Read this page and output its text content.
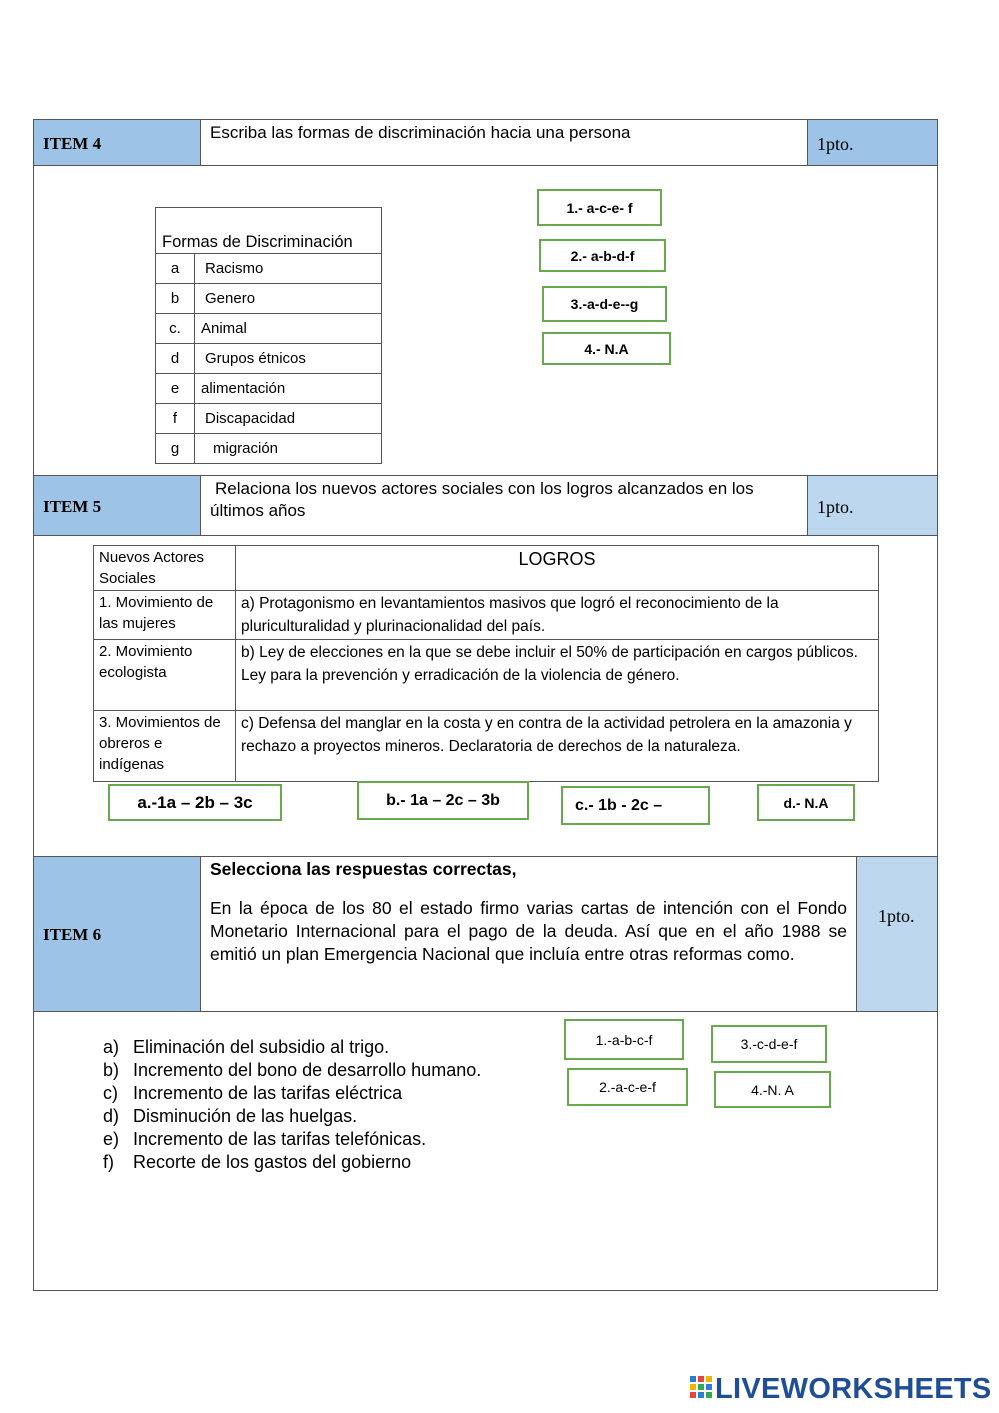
ITEM 4
Escriba las formas de discriminación hacia una persona
1pto.
Formas de Discriminación
a	Racismo
b	Genero
c.	Animal
d	Grupos étnicos
e	alimentación
f	Discapacidad
g	migración
1.- a-c-e- f
2.- a-b-d-f
3.-a-d-e--g
4.- N.A
ITEM 5
Relaciona los nuevos actores sociales con los logros alcanzados en los últimos años	1pto.
Nuevos Actores Sociales	LOGROS
1. Movimiento de las mujeres	a) Protagonismo en levantamientos masivos que logró el reconocimiento de la pluriculturalidad y plurinacionalidad del país.
2. Movimiento ecologista	b) Ley de elecciones en la que se debe incluir el 50% de participación en cargos públicos. Ley para la prevención y erradicación de la violencia de género.
3. Movimientos de obreros e indígenas	c) Defensa del manglar en la costa y en contra de la actividad petrolera en la amazonia y rechazo a proyectos mineros. Declaratoria de derechos de la naturaleza.
a.-1a – 2b – 3c	b.- 1a – 2c – 3b	c.- 1b - 2c –	d.- N.A
ITEM 6
Selecciona las respuestas correctas,
En la época de los 80 el estado firmo varias cartas de intención con el Fondo Monetario Internacional para el pago de la deuda. Así que en el año 1988 se emitió un plan Emergencia Nacional que incluía entre otras reformas como.
1pto.
a) Eliminación del subsidio al trigo.
b) Incremento del bono de desarrollo humano.
c) Incremento de las tarifas eléctrica
d) Disminución de las huelgas.
e) Incremento de las tarifas telefónicas.
f)	Recorte de los gastos del gobierno
1.-a-b-c-f	3.-c-d-e-f
2.-a-c-e-f	4.-N. A
LIVEWORKSHEETS
